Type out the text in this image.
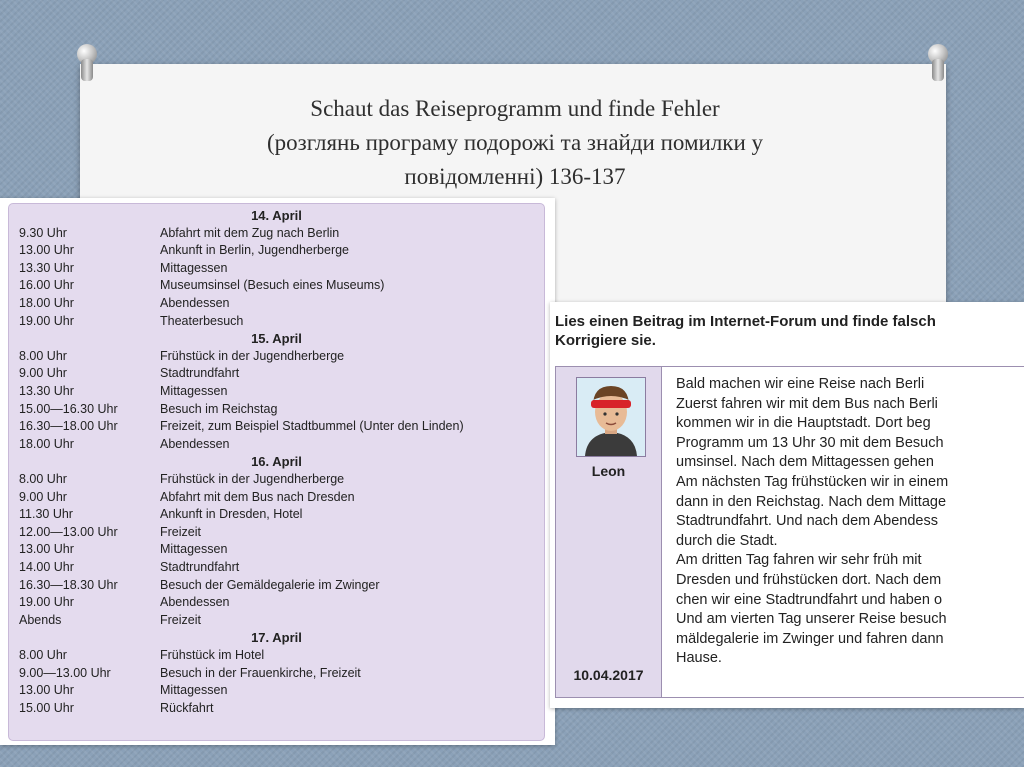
Schaut das Reiseprogramm und finde Fehler
(розглянь програму подорожі та знайди помилки у
повідомленні) 136-137
14. April
9.30 Uhr	Abfahrt mit dem Zug nach Berlin
13.00 Uhr	Ankunft in Berlin, Jugendherberge
13.30 Uhr	Mittagessen
16.00 Uhr	Museumsinsel (Besuch eines Museums)
18.00 Uhr	Abendessen
19.00 Uhr	Theaterbesuch
15. April
8.00 Uhr	Frühstück in der Jugendherberge
9.00 Uhr	Stadtrundfahrt
13.30 Uhr	Mittagessen
15.00—16.30 Uhr	Besuch im Reichstag
16.30—18.00 Uhr	Freizeit, zum Beispiel Stadtbummel (Unter den Linden)
18.00 Uhr	Abendessen
16. April
8.00 Uhr	Frühstück in der Jugendherberge
9.00 Uhr	Abfahrt mit dem Bus nach Dresden
11.30 Uhr	Ankunft in Dresden, Hotel
12.00—13.00 Uhr	Freizeit
13.00 Uhr	Mittagessen
14.00 Uhr	Stadtrundfahrt
16.30—18.30 Uhr	Besuch der Gemäldegalerie im Zwinger
19.00 Uhr	Abendessen
Abends	Freizeit
17. April
8.00 Uhr	Frühstück im Hotel
9.00—13.00 Uhr	Besuch in der Frauenkirche, Freizeit
13.00 Uhr	Mittagessen
15.00 Uhr	Rückfahrt
Lies einen Beitrag im Internet-Forum und finde falsch
Korrigiere sie.
Leon
10.04.2017
Bald machen wir eine Reise nach Berli
Zuerst fahren wir mit dem Bus nach Berli
kommen wir in die Hauptstadt. Dort beg
Programm um 13 Uhr 30 mit dem Besuch
umsinsel. Nach dem Mittagessen gehen
Am nächsten Tag frühstücken wir in einem
dann in den Reichstag. Nach dem Mittage
Stadtrundfahrt. Und nach dem Abendess
durch die Stadt.
Am dritten Tag fahren wir sehr früh mit
Dresden und frühstücken dort. Nach dem
chen wir eine Stadtrundfahrt und haben o
Und am vierten Tag unserer Reise besuch
mäldegalerie im Zwinger und fahren dann
Hause.
